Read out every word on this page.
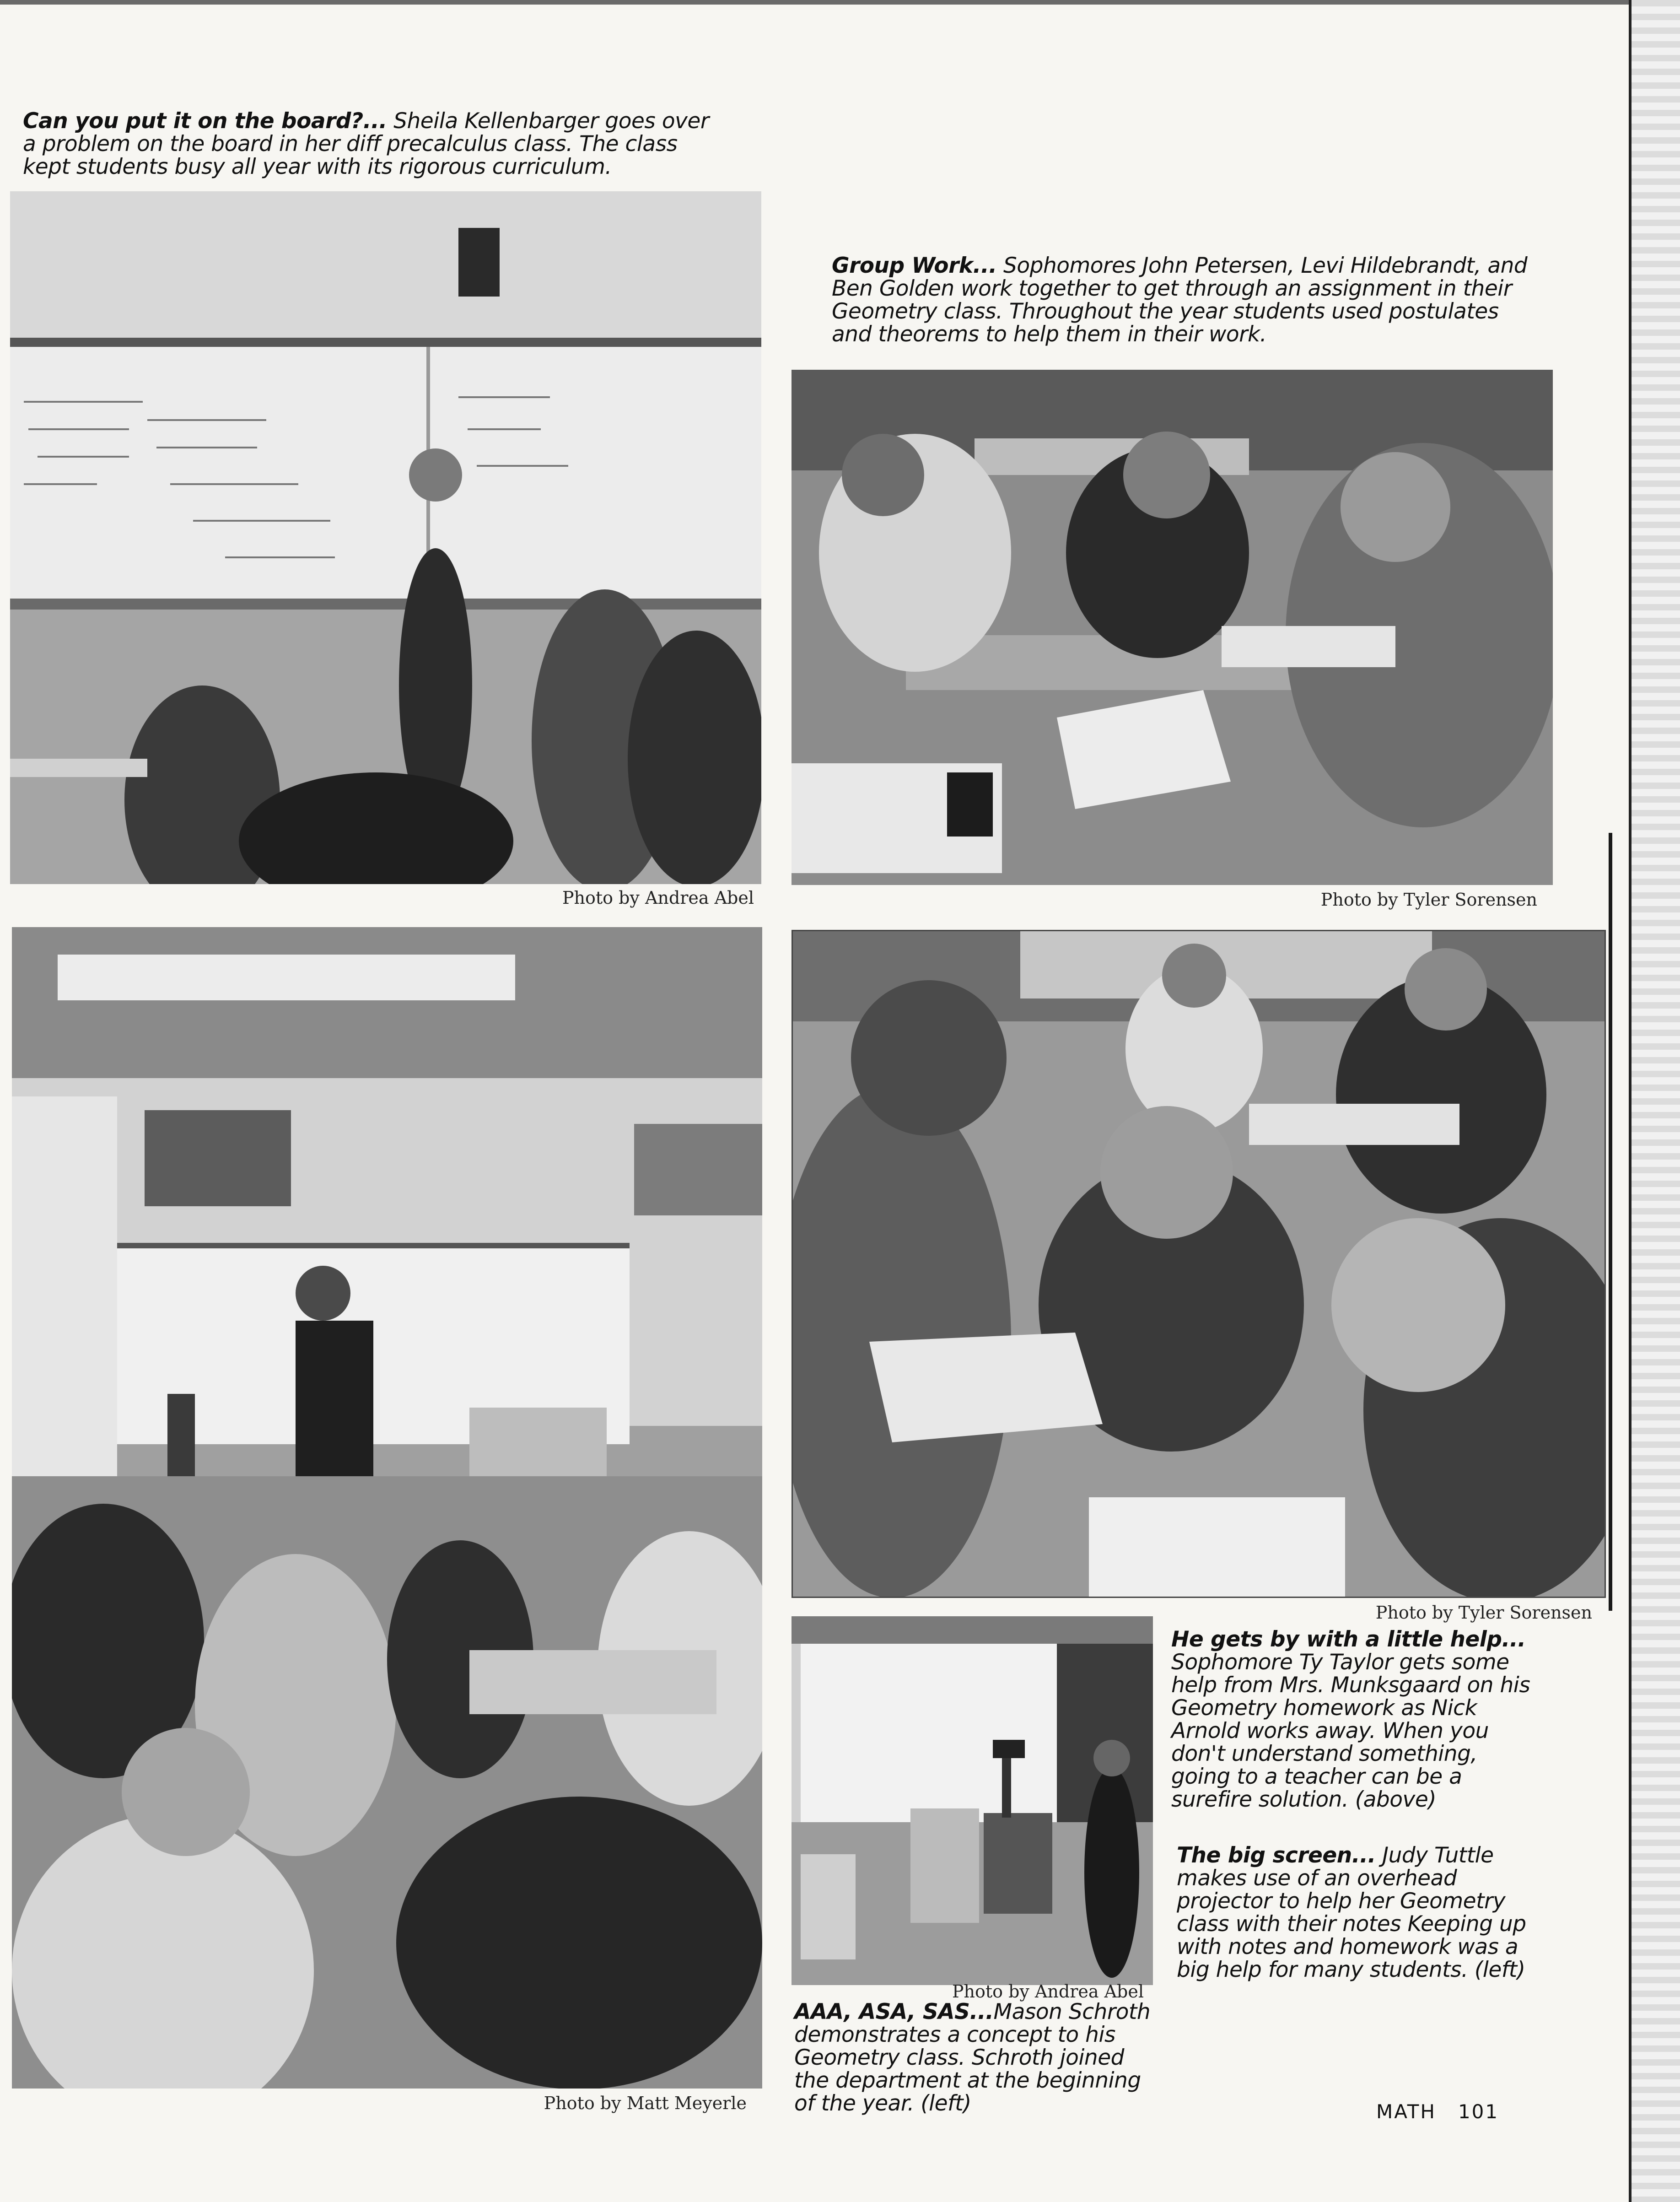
Can you put it on the board?... Sheila Kellenbarger goes over a problem on the board in her diff precalculus class. The class kept students busy all year with its rigorous curriculum.

Photo by Andrea Abel

Group Work... Sophomores John Petersen, Levi Hildebrandt, and Ben Golden work together to get through an assignment in their Geometry class. Throughout the year students used postulates and theorems to help them in their work.

Photo by Tyler Sorensen

Photo by Matt Meyerle

Photo by Tyler Sorensen

Photo by Andrea Abel

AAA, ASA, SAS...Mason Schroth demonstrates a concept to his Geometry class. Schroth joined the department at the beginning of the year. (left)

He gets by with a little help... Sophomore Ty Taylor gets some help from Mrs. Munksgaard on his Geometry homework as Nick Arnold works away. When you don't understand something, going to a teacher can be a surefire solution. (above)

The big screen... Judy Tuttle makes use of an overhead projector to help her Geometry class with their notes Keeping up with notes and homework was a big help for many students. (left)

MATH 101
